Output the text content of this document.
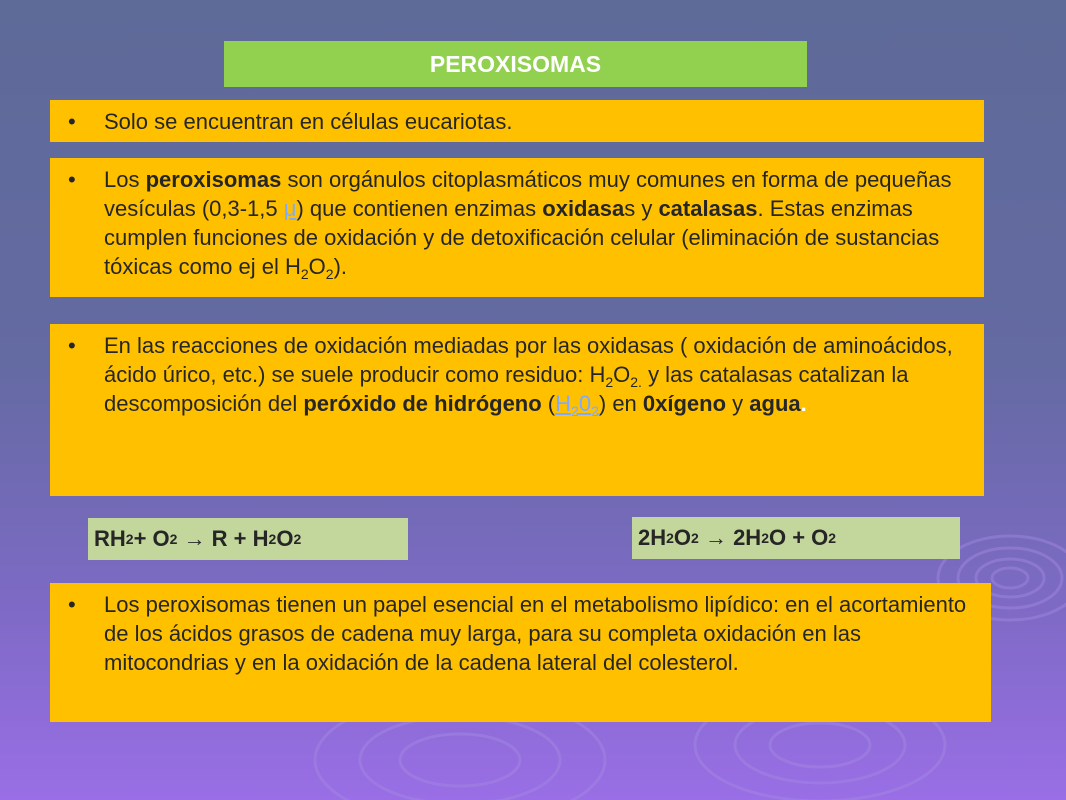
PEROXISOMAS
• Solo se encuentran en células eucariotas.
• Los peroxisomas son orgánulos citoplasmáticos muy comunes en forma de pequeñas vesículas (0,3-1,5 μ) que contienen enzimas oxidasas y catalasas. Estas enzimas cumplen funciones de oxidación y de detoxificación celular (eliminación de sustancias tóxicas como ej el $H_2O_2$).
• En las reacciones de oxidación mediadas por las oxidasas ( oxidación de aminoácidos, ácido úrico, etc.) se suele producir como residuo: $H_2O_{2.}$ y las catalasas catalizan la descomposición del peróxido de hidrógeno $(H_20_2)$ en 0xígeno y agua.
RH 2 + O 2 → R + H 2 O 2	2H 2 O 2 → 2H 2 O + O 2
• Los peroxisomas tienen un papel esencial en el metabolismo lipídico: en el acortamiento de los ácidos grasos de cadena muy larga, para su completa oxidación en las mitocondrias y en la oxidación de la cadena lateral del colesterol.
